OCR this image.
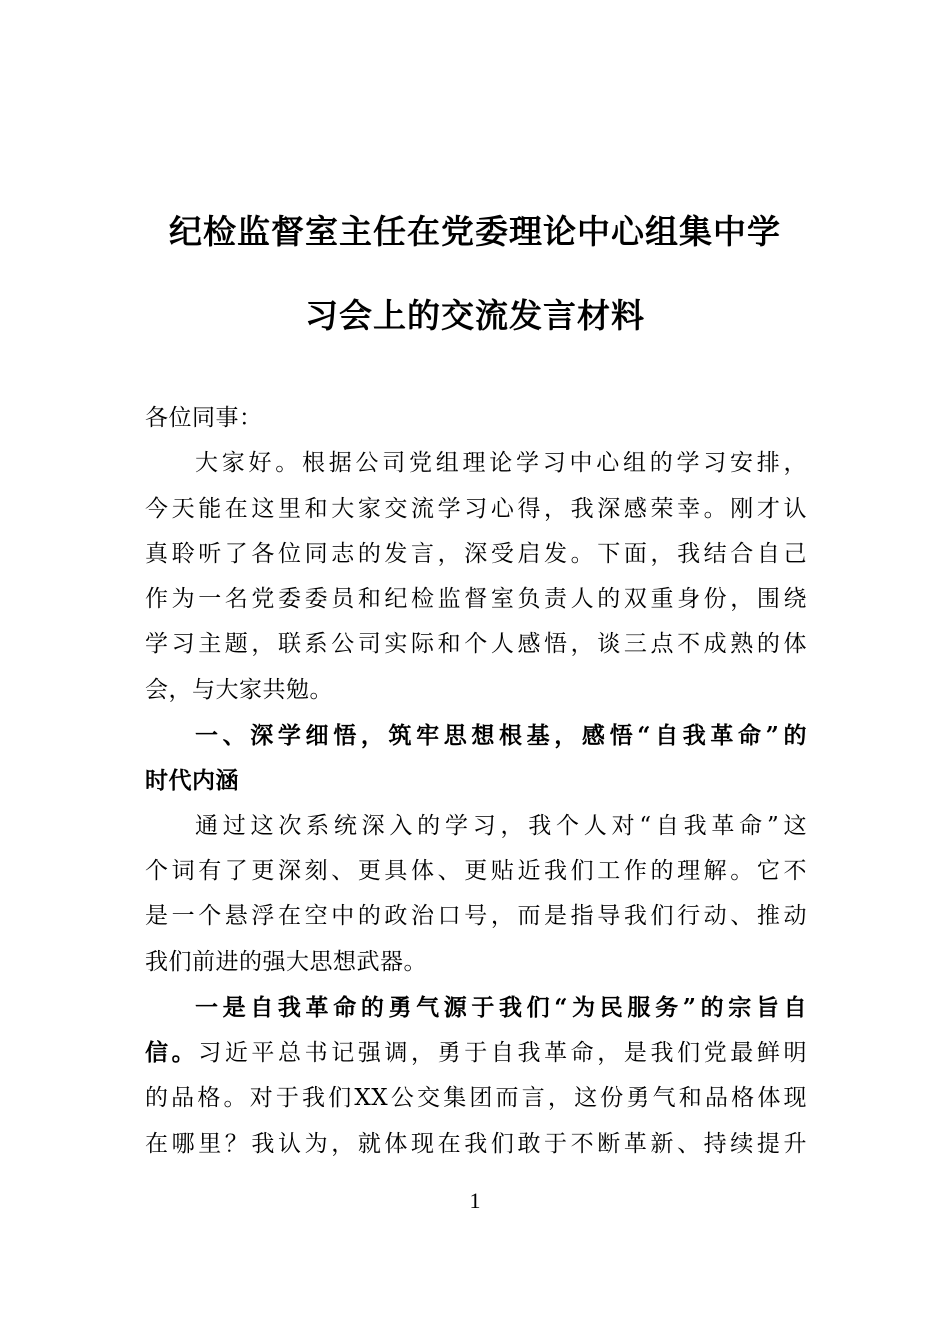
纪检监督室主任在党委理论中心组集中学
习会上的交流发言材料
各位同事：
大家好。根据公司党组理论学习中心组的学习安排，
今天能在这里和大家交流学习心得，我深感荣幸。刚才认
真聆听了各位同志的发言，深受启发。下面，我结合自己
作为一名党委委员和纪检监督室负责人的双重身份，围绕
学习主题，联系公司实际和个人感悟，谈三点不成熟的体
会，与大家共勉。
一、深学细悟，筑牢思想根基，感悟“自我革命”的
时代内涵
通过这次系统深入的学习，我个人对“自我革命”这
个词有了更深刻、更具体、更贴近我们工作的理解。它不
是一个悬浮在空中的政治口号，而是指导我们行动、推动
我们前进的强大思想武器。
一是自我革命的勇气源于我们“为民服务”的宗旨自
信。习近平总书记强调，勇于自我革命，是我们党最鲜明
的品格。对于我们XX公交集团而言，这份勇气和品格体现
在哪里？我认为，就体现在我们敢于不断革新、持续提升
1
